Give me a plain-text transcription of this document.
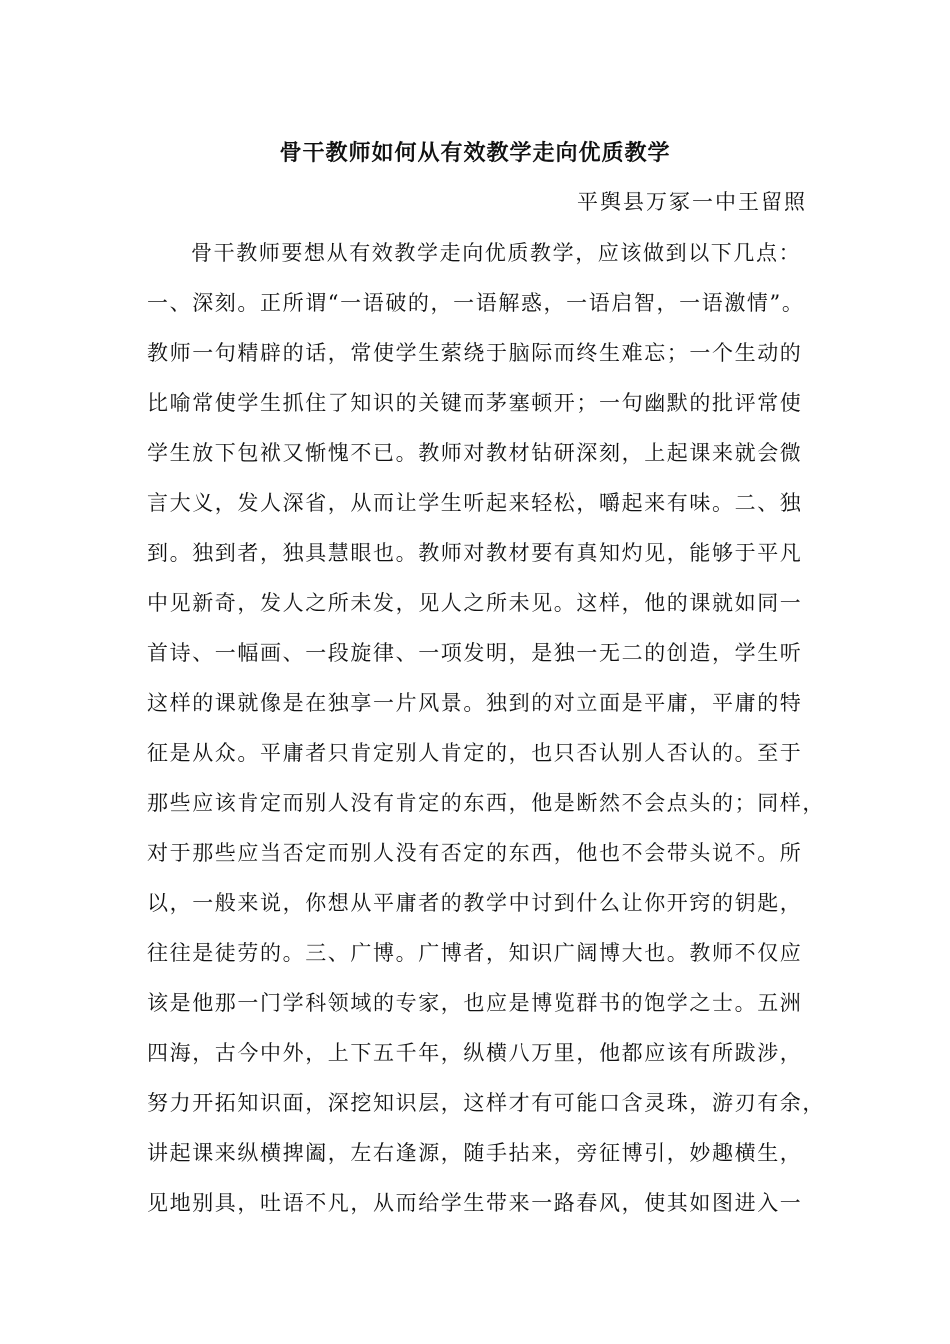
骨干教师如何从有效教学走向优质教学

平舆县万冢一中王留照

骨干教师要想从有效教学走向优质教学，应该做到以下几点：
一、深刻。正所谓“一语破的，一语解惑，一语启智，一语激情”。
教师一句精辟的话，常使学生萦绕于脑际而终生难忘；一个生动的
比喻常使学生抓住了知识的关键而茅塞顿开；一句幽默的批评常使
学生放下包袱又惭愧不已。教师对教材钻研深刻，上起课来就会微
言大义，发人深省，从而让学生听起来轻松，嚼起来有味。二、独
到。独到者，独具慧眼也。教师对教材要有真知灼见，能够于平凡
中见新奇，发人之所未发，见人之所未见。这样，他的课就如同一
首诗、一幅画、一段旋律、一项发明，是独一无二的创造，学生听
这样的课就像是在独享一片风景。独到的对立面是平庸，平庸的特
征是从众。平庸者只肯定别人肯定的，也只否认别人否认的。至于
那些应该肯定而别人没有肯定的东西，他是断然不会点头的；同样，
对于那些应当否定而别人没有否定的东西，他也不会带头说不。所
以，一般来说，你想从平庸者的教学中讨到什么让你开窍的钥匙，
往往是徒劳的。三、广博。广博者，知识广阔博大也。教师不仅应
该是他那一门学科领域的专家，也应是博览群书的饱学之士。五洲
四海，古今中外，上下五千年，纵横八万里，他都应该有所跋涉，
努力开拓知识面，深挖知识层，这样才有可能口含灵珠，游刃有余，
讲起课来纵横捭阖，左右逢源，随手拈来，旁征博引，妙趣横生，
见地别具，吐语不凡，从而给学生带来一路春风，使其如图进入一
